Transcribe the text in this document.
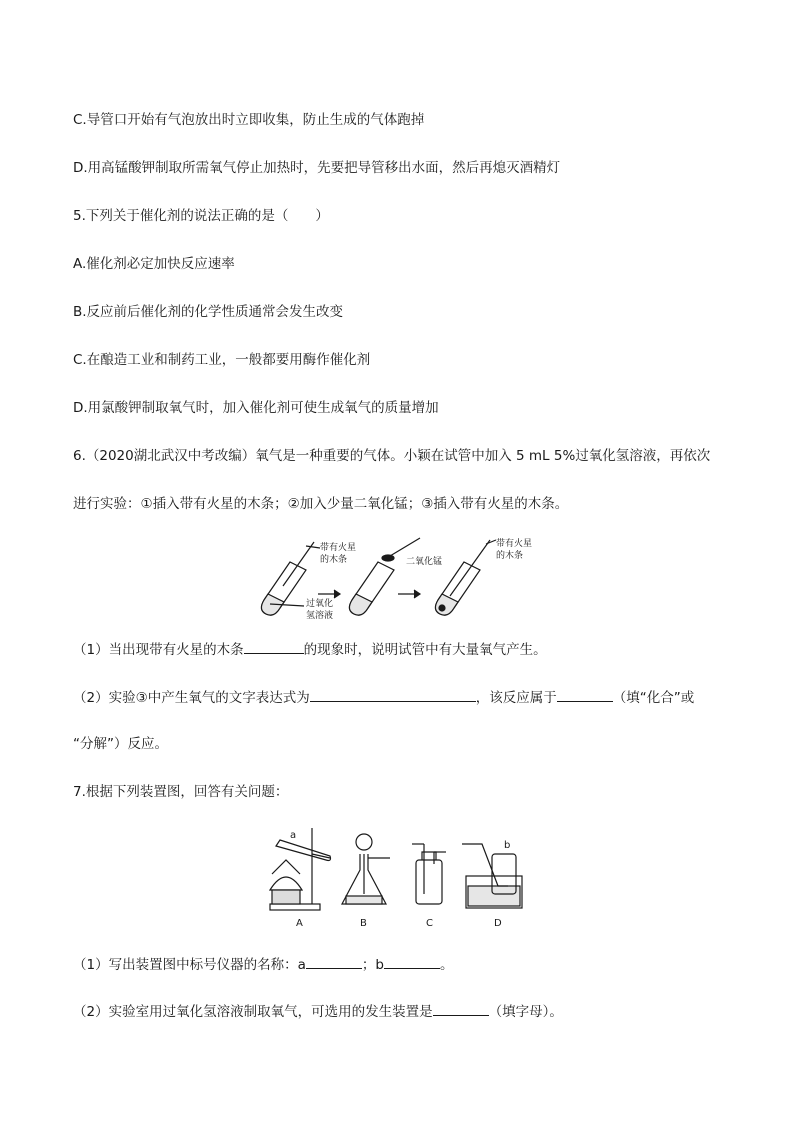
C.导管口开始有气泡放出时立即收集，防止生成的气体跑掉
D.用高锰酸钾制取所需氧气停止加热时，先要把导管移出水面，然后再熄灭酒精灯
5.下列关于催化剂的说法正确的是（　　）
A.催化剂必定加快反应速率
B.反应前后催化剂的化学性质通常会发生改变
C.在酿造工业和制药工业，一般都要用酶作催化剂
D.用氯酸钾制取氧气时，加入催化剂可使生成氧气的质量增加
6.（2020湖北武汉中考改编）氧气是一种重要的气体。小颖在试管中加入 5 mL 5%过氧化氢溶液，再依次
进行实验：①插入带有火星的木条；②加入少量二氧化锰；③插入带有火星的木条。
带有火星
的木条
过氧化
氢溶液
二氧化锰
带有火星
的木条
（1）当出现带有火星的木条	的现象时，说明试管中有大量氧气产生。
（2）实验③中产生氧气的文字表达式为	，该反应属于	（填“化合”或
“分解”）反应。
7.根据下列装置图，回答有关问题：
a
b
A	B	C	D
（1）写出装置图中标号仪器的名称：a	；b	。
（2）实验室用过氧化氢溶液制取氧气，可选用的发生装置是	（填字母）。
